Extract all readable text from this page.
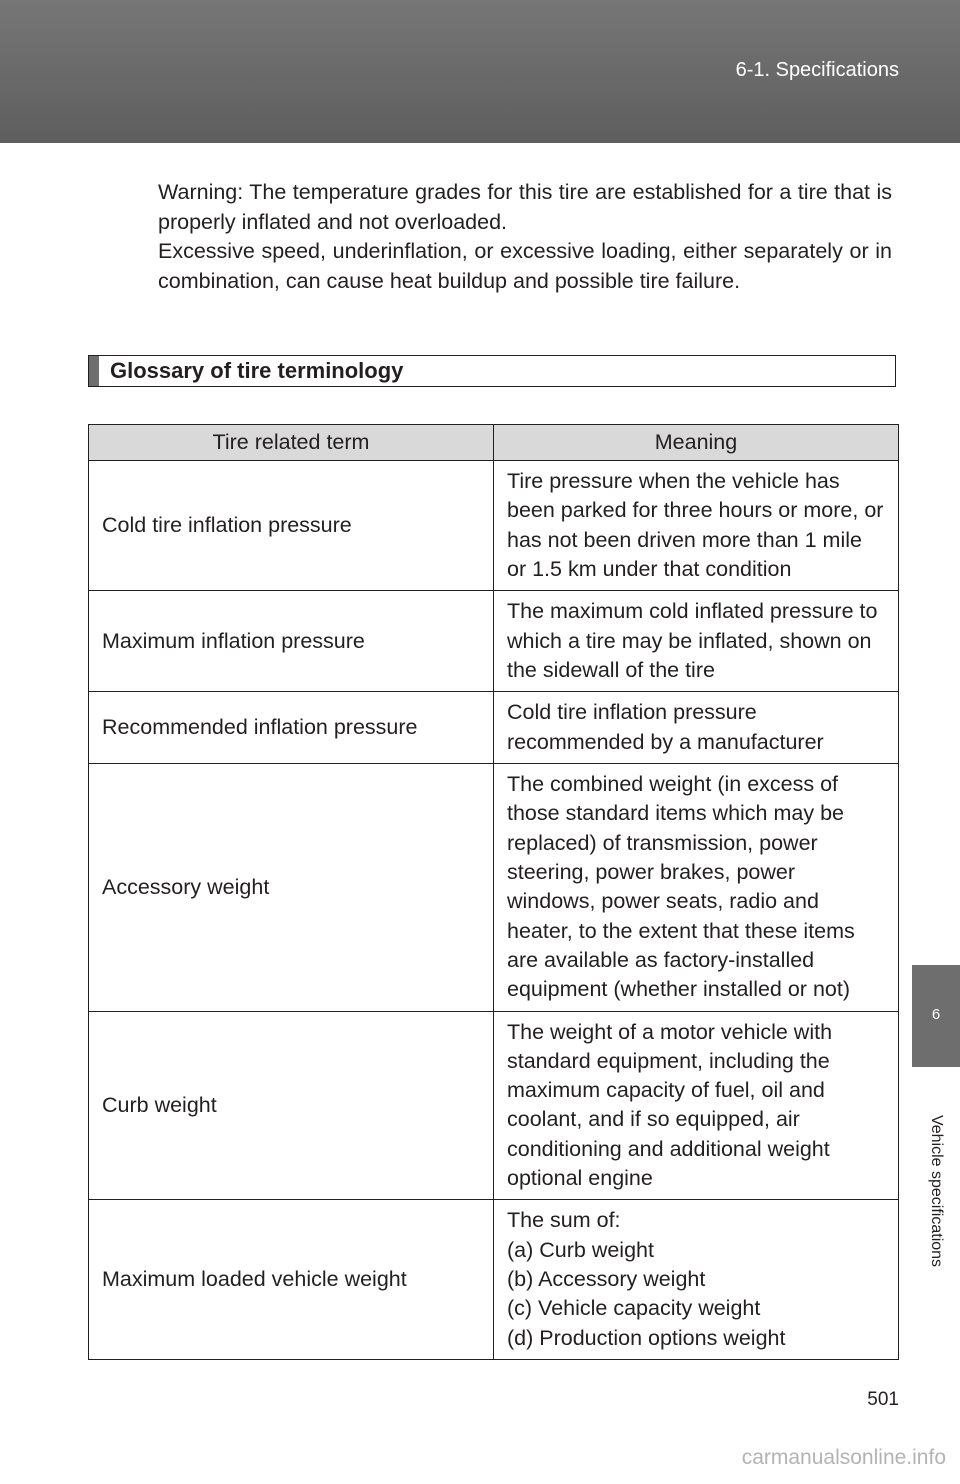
6-1. Specifications
6
Vehicle specifications

Warning: The temperature grades for this tire are established for a tire that is properly inflated and not overloaded.

Excessive speed, underinflation, or excessive loading, either separately or in combination, can cause heat buildup and possible tire failure.

Glossary of tire terminology
Tire related term	Meaning
Cold tire inflation pressure	Tire pressure when the vehicle has been parked for three hours or more, or has not been driven more than 1 mile or 1.5 km under that condition

Maximum inflation pressure	The maximum cold inflated pressure to which a tire may be inflated, shown on the sidewall of the tire

Recommended inflation pressure	Cold tire inflation pressure recommended by a manufacturer

Accessory weight	The combined weight (in excess of those standard items which may be replaced) of transmission, power steering, power brakes, power windows, power seats, radio and heater, to the extent that these items are available as factory-installed equipment (whether installed or not)

Curb weight	The weight of a motor vehicle with standard equipment, including the maximum capacity of fuel, oil and coolant, and if so equipped, air conditioning and additional weight optional engine

Maximum loaded vehicle weight	The sum of:
(a) Curb weight
(b) Accessory weight
(c) Vehicle capacity weight
(d) Production options weight
501
carmanualsonline.info
